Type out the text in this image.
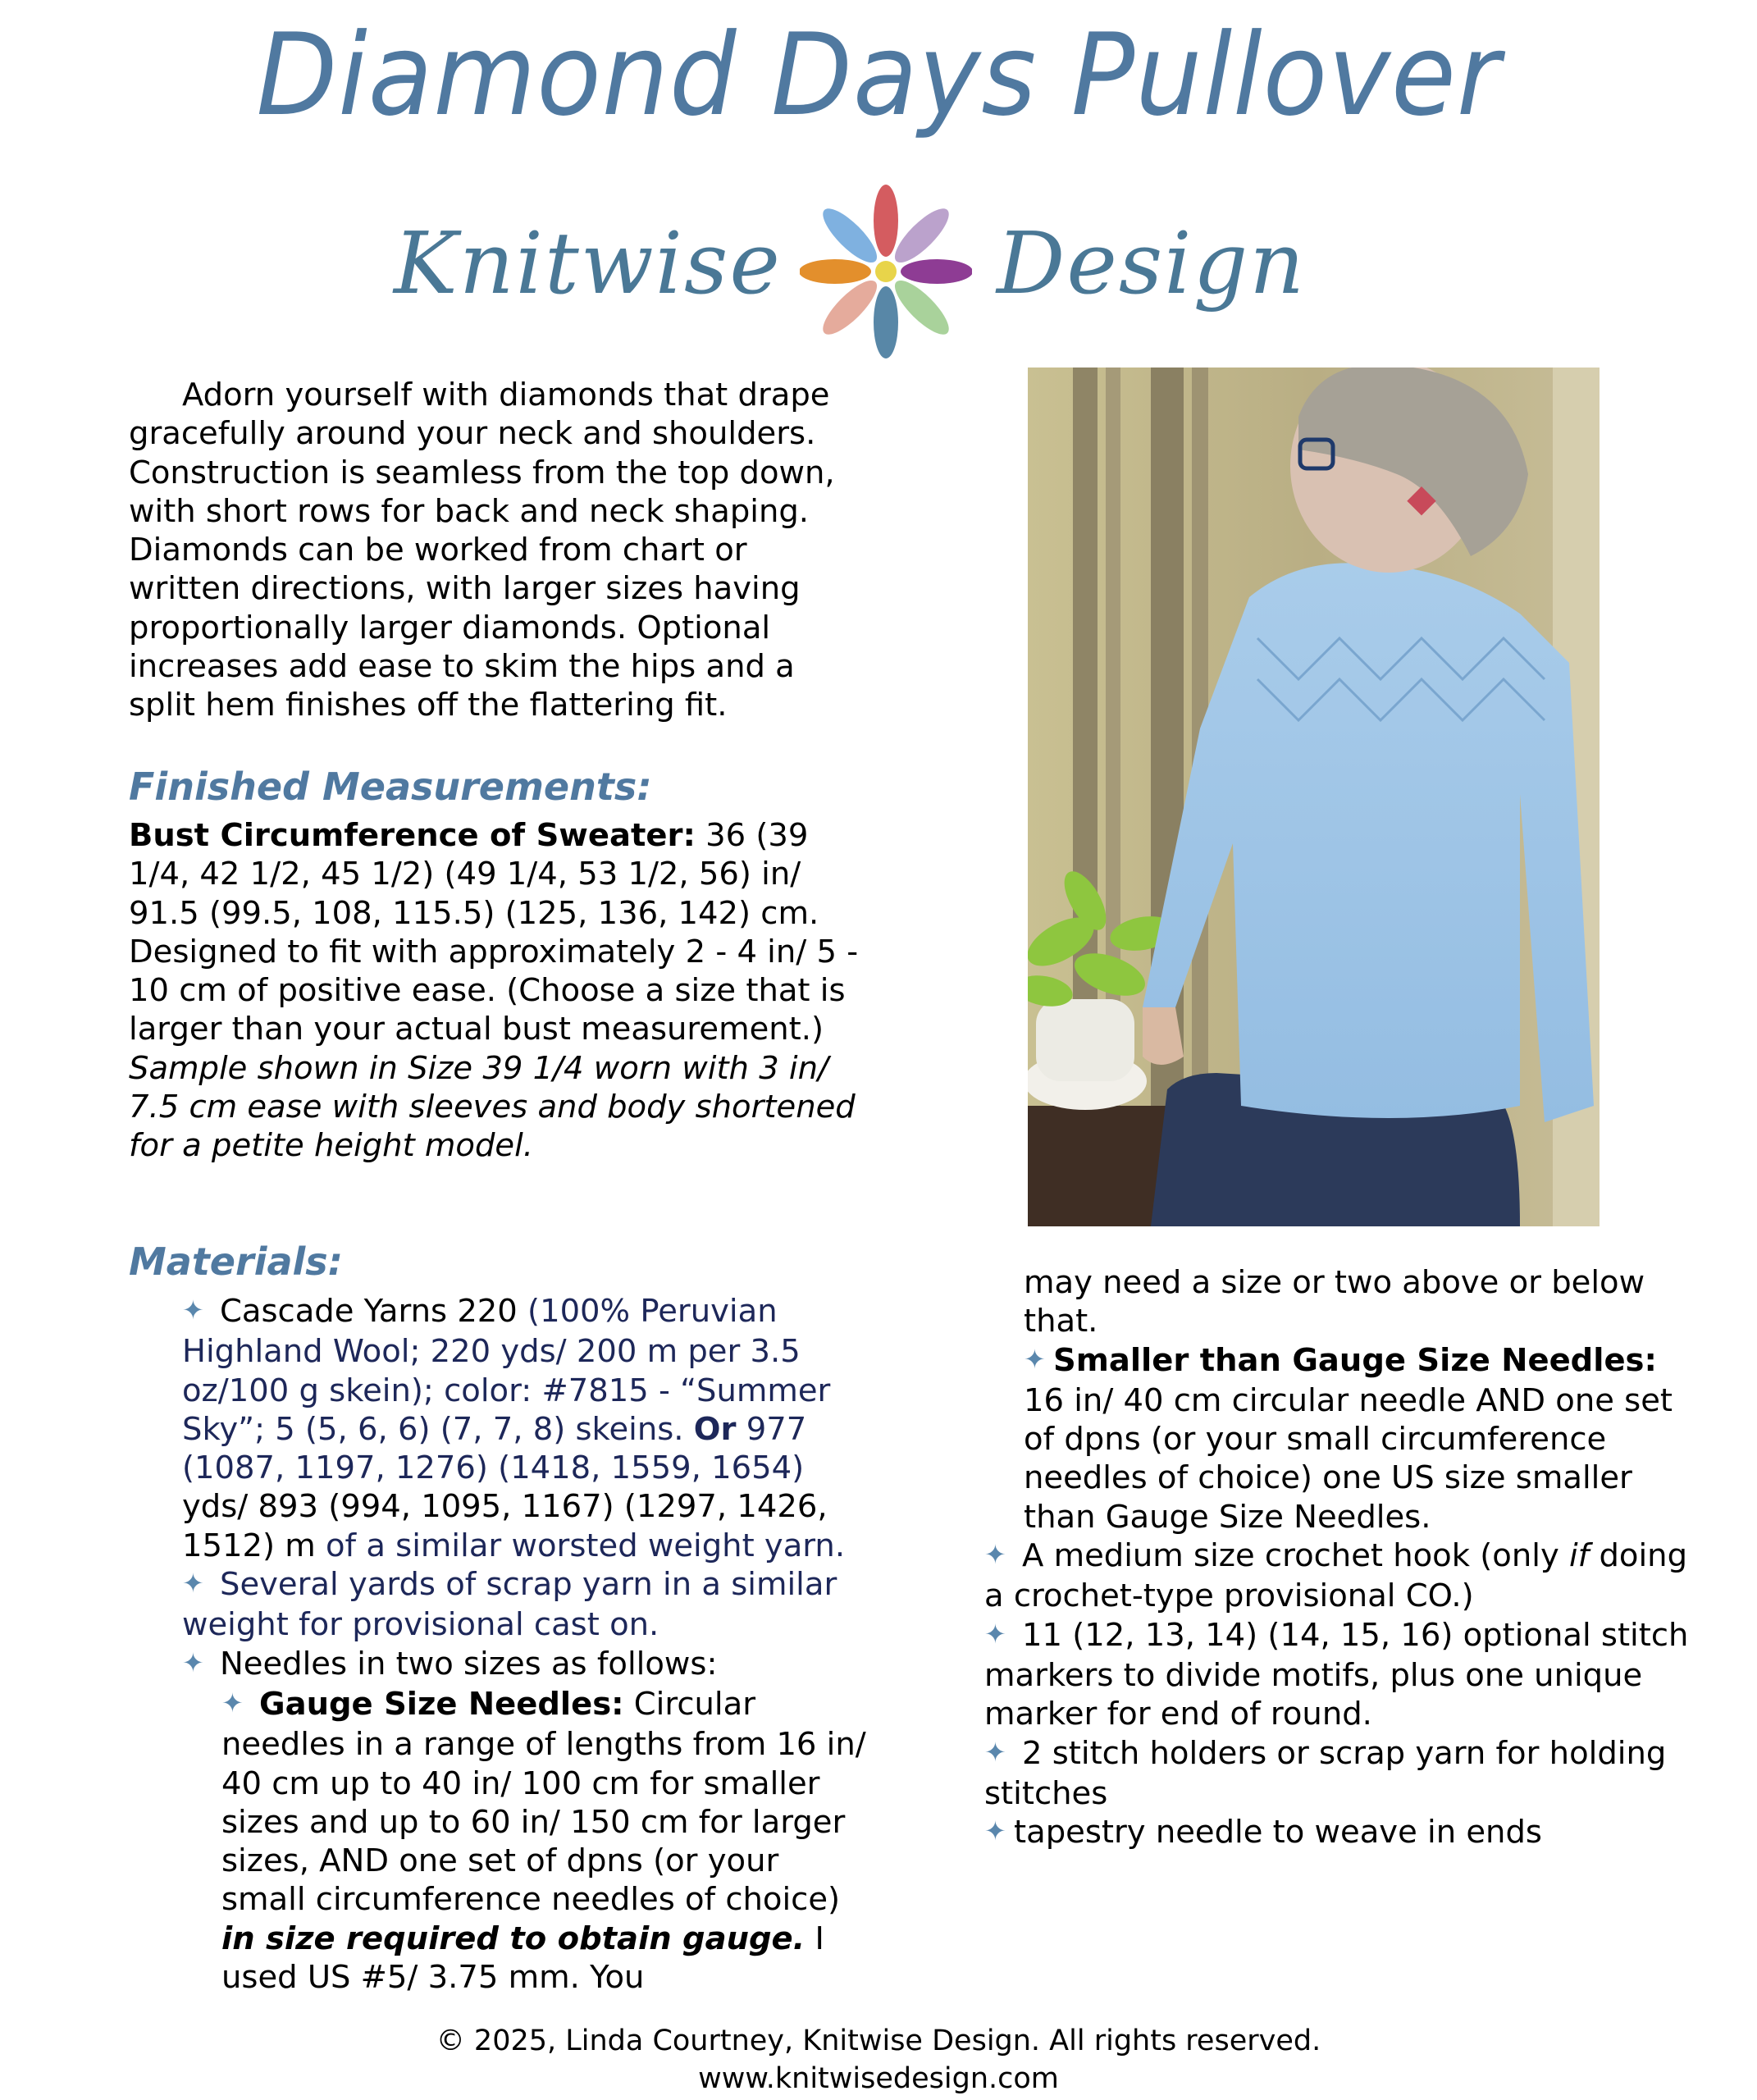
Diamond Days Pullover
Knitwise	Design
Adorn yourself with diamonds that drape gracefully around your neck and shoulders. Construction is seamless from the top down, with short rows for back and neck shaping. Diamonds can be worked from chart or written directions, with larger sizes having proportionally larger diamonds. Optional increases add ease to skim the hips and a split hem finishes off the flattering fit.
Finished Measurements:
Bust Circumference of Sweater: 36 (39 1/4, 42 1/2, 45 1/2) (49 1/4, 53 1/2, 56) in/ 91.5 (99.5, 108, 115.5) (125, 136, 142) cm.
Designed to fit with approximately 2 - 4 in/ 5 - 10 cm of positive ease. (Choose a size that is larger than your actual bust measurement.)
Sample shown in Size 39 1/4 worn with 3 in/ 7.5 cm ease with sleeves and body shortened for a petite height model.
Materials:
✦ Cascade Yarns 220 (100% Peruvian Highland Wool; 220 yds/ 200 m per 3.5 oz/100 g skein); color: #7815 - “Summer Sky”; 5 (5, 6, 6) (7, 7, 8) skeins. Or 977 (1087, 1197, 1276) (1418, 1559, 1654) yds/ 893 (994, 1095, 1167) (1297, 1426, 1512) m of a similar worsted weight yarn.
✦ Several yards of scrap yarn in a similar weight for provisional cast on.
✦ Needles in two sizes as follows:
✦ Gauge Size Needles: Circular needles in a range of lengths from 16 in/ 40 cm up to 40 in/ 100 cm for smaller sizes and up to 60 in/ 150 cm for larger sizes, AND one set of dpns (or your small circumference needles of choice) in size required to obtain gauge. I used US #5/ 3.75 mm. You
may need a size or two above or below that.
✦ Smaller than Gauge Size Needles:
16 in/ 40 cm circular needle AND one set of dpns (or your small circumference needles of choice) one US size smaller than Gauge Size Needles.
✦ A medium size crochet hook (only if doing a crochet-type provisional CO.)
✦ 11 (12, 13, 14) (14, 15, 16) optional stitch markers to divide motifs, plus one unique marker for end of round.
✦ 2 stitch holders or scrap yarn for holding stitches
✦ tapestry needle to weave in ends
© 2025, Linda Courtney, Knitwise Design. All rights reserved.
www.knitwisedesign.com
